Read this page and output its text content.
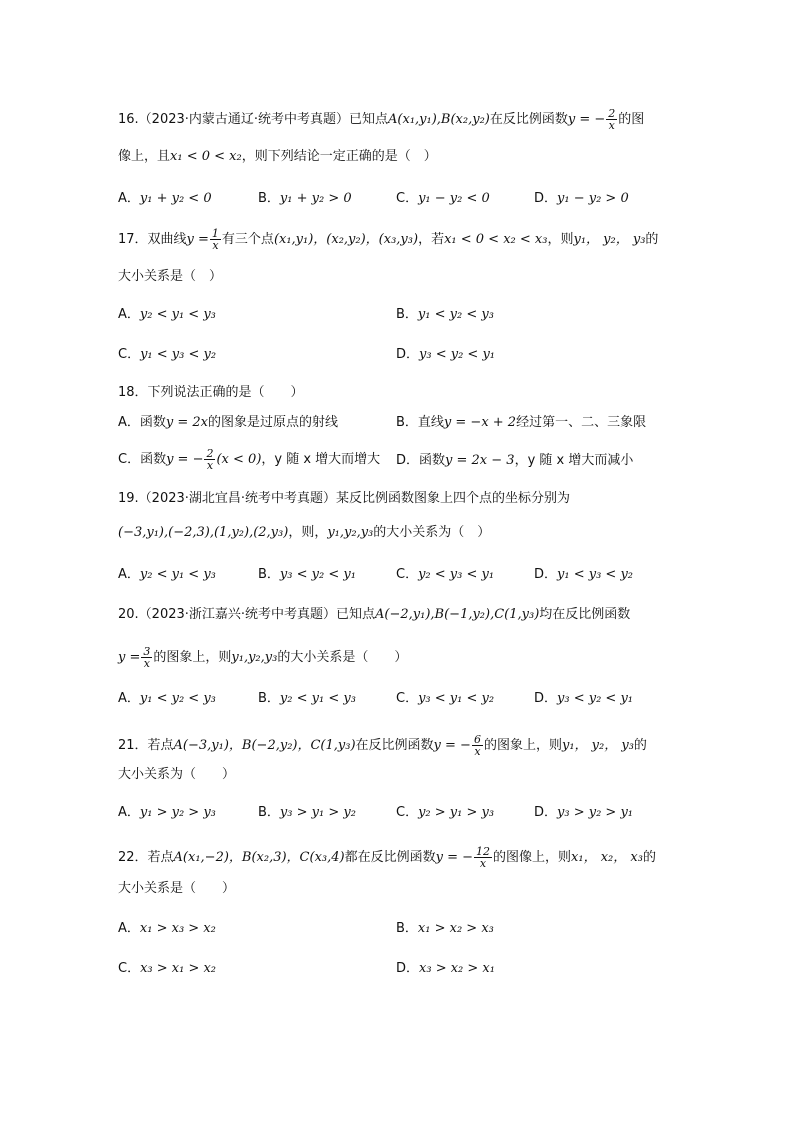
16.（2023·内蒙古通辽·统考中考真题）已知点A(x₁,y₁),B(x₂,y₂)在反比例函数y = − $\frac{2}{x}$ 的图
像上，且x₁ < 0 < x₂，则下列结论一定正确的是（　）
A．y₁ + y₂ < 0	B．y₁ + y₂ > 0	C．y₁ − y₂ < 0	D．y₁ − y₂ > 0
17．双曲线$y = \frac{1}{x}$ 有三个点(x₁,y₁)，(x₂,y₂)，(x₃,y₃)，若x₁ < 0 < x₂ < x₃，则y₁， y₂， y₃的
大小关系是（　）
A．y₂ < y₁ < y₃	B．y₁ < y₂ < y₃
C．y₁ < y₃ < y₂	D．y₃ < y₂ < y₁
18．下列说法正确的是（　　）
A．函数y = 2x的图象是过原点的射线	B．直线y = −x + 2经过第一、二、三象限
C．函数y = − $\frac{2}{x} (x < 0)$，y 随 x 增大而增大 D．函数y = 2x − 3，y 随 x 增大而减小
19.（2023·湖北宜昌·统考中考真题）某反比例函数图象上四个点的坐标分别为
(−3,y₁),(−2,3),(1,y₂),(2,y₃)，则，y₁,y₂,y₃的大小关系为（　）
A．y₂ < y₁ < y₃	B．y₃ < y₂ < y₁	C．y₂ < y₃ < y₁	D．y₁ < y₃ < y₂
20.（2023·浙江嘉兴·统考中考真题）已知点A(−2,y₁),B(−1,y₂),C(1,y₃)均在反比例函数
$y = \frac{3}{x}$ 的图象上，则y₁,y₂,y₃的大小关系是（　　）
A．y₁ < y₂ < y₃	B．y₂ < y₁ < y₃	C．y₃ < y₁ < y₂	D．y₃ < y₂ < y₁
21．若点A(−3,y₁)，B(−2,y₂)，C(1,y₃)在反比例函数y = − $\frac{6}{x}$ 的图象上，则y₁， y₂， y₃的
大小关系为（　　）
A．y₁ > y₂ > y₃	B．y₃ > y₁ > y₂	C．y₂ > y₁ > y₃	D．y₃ > y₂ > y₁
22．若点A(x₁,−2)，B(x₂,3)，C(x₃,4)都在反比例函数y = − $\frac{12}{x}$ 的图像上，则x₁， x₂， x₃的
大小关系是（　　）
A．x₁ > x₃ > x₂	B．x₁ > x₂ > x₃
C．x₃ > x₁ > x₂	D．x₃ > x₂ > x₁
